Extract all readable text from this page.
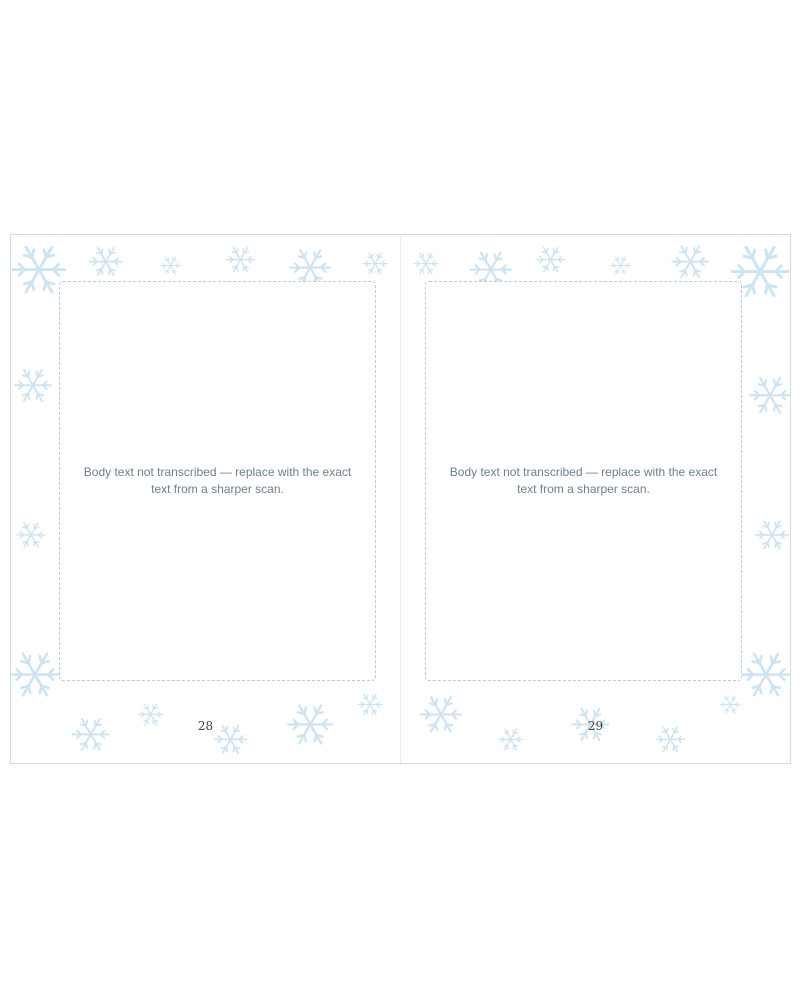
Body text not transcribed — replace with the exact text from a sharper scan.
28
Body text not transcribed — replace with the exact text from a sharper scan.
29
